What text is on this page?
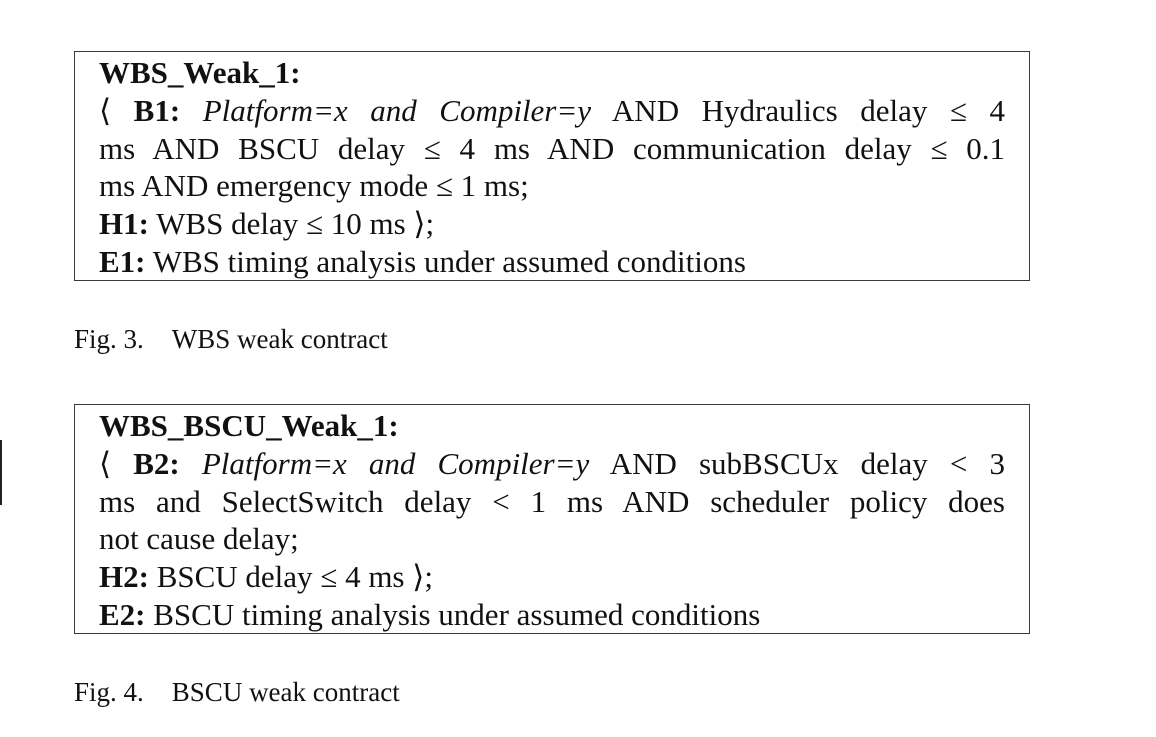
WBS_Weak_1:
⟨ B1: Platform=x and Compiler=y AND Hydraulics delay ≤ 4
ms AND BSCU delay ≤ 4 ms AND communication delay ≤ 0.1
ms AND emergency mode ≤ 1 ms;
H1: WBS delay ≤ 10 ms ⟩;
E1: WBS timing analysis under assumed conditions
Fig. 3. WBS weak contract
WBS_BSCU_Weak_1:
⟨ B2: Platform=x and Compiler=y AND subBSCUx delay < 3
ms and SelectSwitch delay < 1 ms AND scheduler policy does
not cause delay;
H2: BSCU delay ≤ 4 ms ⟩;
E2: BSCU timing analysis under assumed conditions
Fig. 4. BSCU weak contract
